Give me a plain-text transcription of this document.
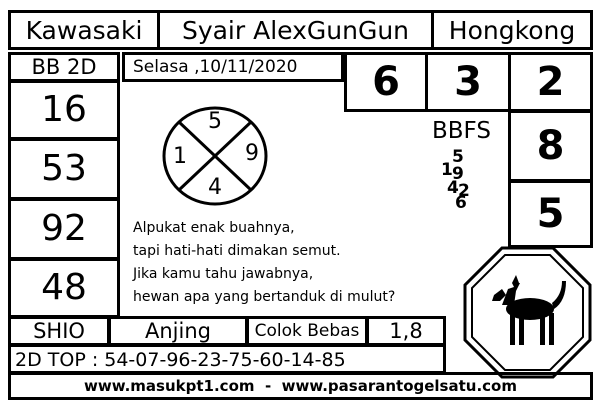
Kawasaki	Syair AlexGunGun	Hongkong
BB 2D
16
53
92
48
Selasa ,10/11/2020	6	3	2
8
5
BBFS
5
1 9
4 2
6
5
1	9
4
Alpukat enak buahnya,
tapi hati-hati dimakan semut.
Jika kamu tahu jawabnya,
hewan apa yang bertanduk di mulut?
SHIO	Anjing	Colok Bebas	1,8
2D TOP : 54-07-96-23-75-60-14-85
www.masukpt1.com  -  www.pasarantogelsatu.com
